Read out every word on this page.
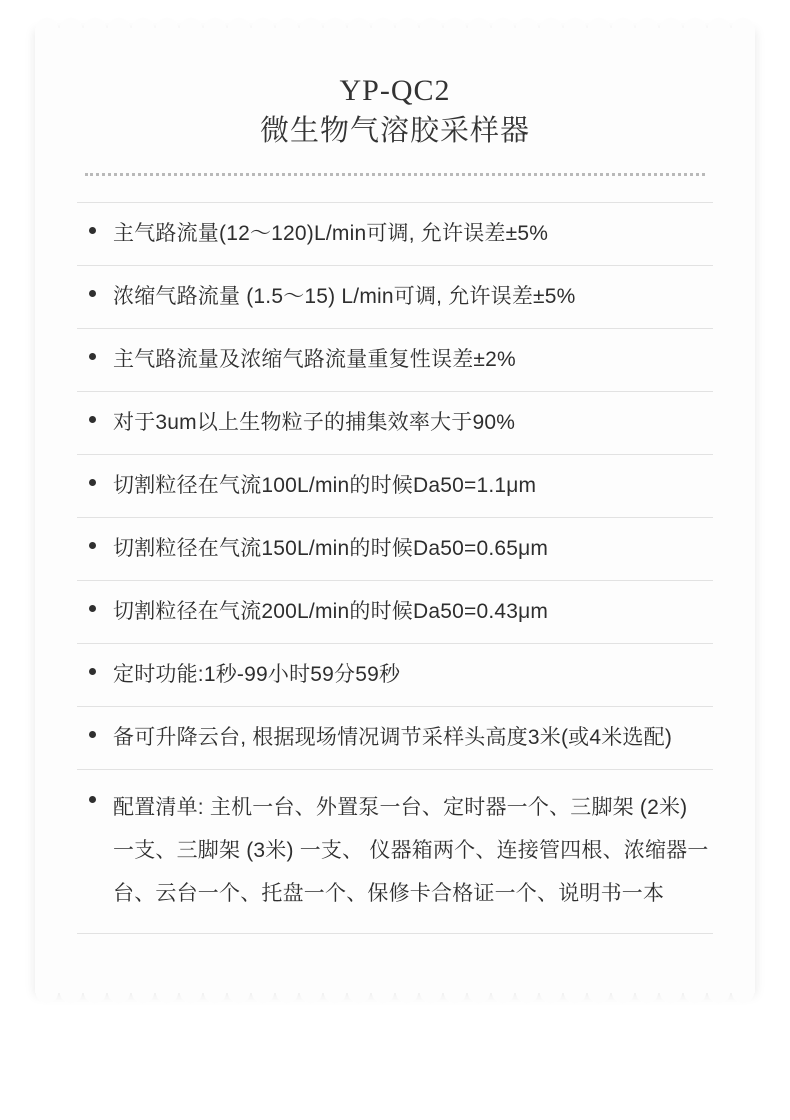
YP-QC2
微生物气溶胶采样器
主气路流量(12～120)L/min可调, 允许误差±5%
浓缩气路流量 (1.5～15) L/min可调, 允许误差±5%
主气路流量及浓缩气路流量重复性误差±2%
对于3um以上生物粒子的捕集效率大于90%
切割粒径在气流100L/min的时候Da50=1.1μm
切割粒径在气流150L/min的时候Da50=0.65μm
切割粒径在气流200L/min的时候Da50=0.43μm
定时功能:1秒-99小时59分59秒
备可升降云台, 根据现场情况调节采样头高度3米(或4米选配)
配置清单: 主机一台、外置泵一台、定时器一个、三脚架 (2米) 一支、三脚架 (3米) 一支、 仪器箱两个、连接管四根、浓缩器一台、云台一个、托盘一个、保修卡合格证一个、说明书一本
